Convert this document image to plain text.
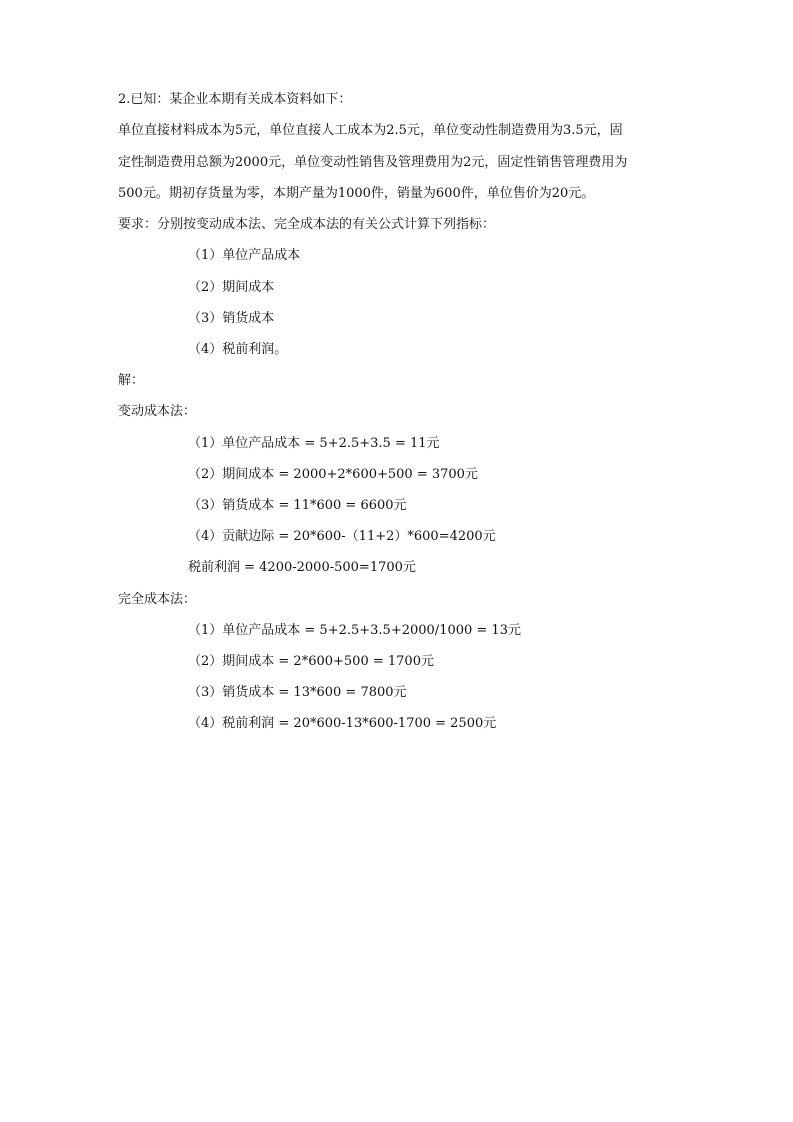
2.已知：某企业本期有关成本资料如下：
单位直接材料成本为5元，单位直接人工成本为2.5元，单位变动性制造费用为3.5元，固
定性制造费用总额为2000元，单位变动性销售及管理费用为2元，固定性销售管理费用为
500元。期初存货量为零，本期产量为1000件，销量为600件，单位售价为20元。
要求：分别按变动成本法、完全成本法的有关公式计算下列指标：
（1）单位产品成本
（2）期间成本
（3）销货成本
（4）税前利润。
解：
变动成本法：
（1）单位产品成本 = 5+2.5+3.5 = 11元
（2）期间成本 = 2000+2*600+500 = 3700元
（3）销货成本 = 11*600 = 6600元
（4）贡献边际 = 20*600-（11+2）*600=4200元
税前利润 = 4200-2000-500=1700元
完全成本法：
（1）单位产品成本 = 5+2.5+3.5+2000/1000 = 13元
（2）期间成本 = 2*600+500 = 1700元
（3）销货成本 = 13*600 = 7800元
（4）税前利润 = 20*600-13*600-1700 = 2500元
